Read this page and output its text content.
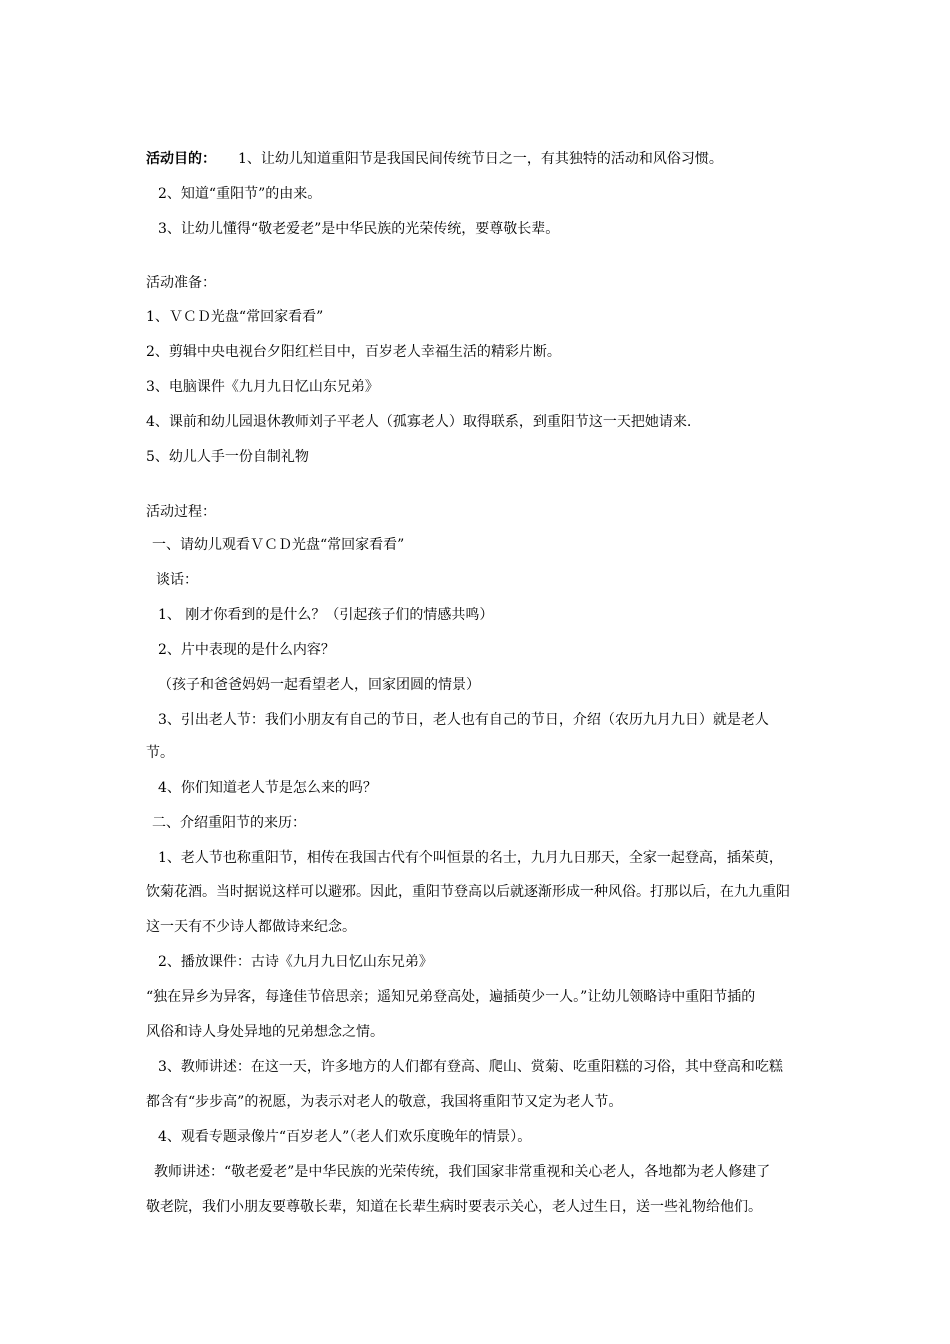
活动目的： 1、让幼儿知道重阳节是我国民间传统节日之一，有其独特的活动和风俗习惯。
2、知道“重阳节”的由来。
3、让幼儿懂得“敬老爱老”是中华民族的光荣传统，要尊敬长辈。
活动准备：
1、ＶＣＤ光盘“常回家看看”
2、剪辑中央电视台夕阳红栏目中，百岁老人幸福生活的精彩片断。
3、电脑课件《九月九日忆山东兄弟》
4、课前和幼儿园退休教师刘子平老人（孤寡老人）取得联系，到重阳节这一天把她请来.
5、幼儿人手一份自制礼物
活动过程：
一、请幼儿观看ＶＣＤ光盘“常回家看看”
谈话：
1、 刚才你看到的是什么？（引起孩子们的情感共鸣）
2、片中表现的是什么内容？
（孩子和爸爸妈妈一起看望老人，回家团圆的情景）
3、引出老人节：我们小朋友有自己的节日，老人也有自己的节日，介绍（农历九月九日）就是老人
节。
4、你们知道老人节是怎么来的吗？
二、介绍重阳节的来历：
1、老人节也称重阳节，相传在我国古代有个叫恒景的名士，九月九日那天，全家一起登高，插茱萸，
饮菊花酒。当时据说这样可以避邪。因此，重阳节登高以后就逐渐形成一种风俗。打那以后，在九九重阳
这一天有不少诗人都做诗来纪念。
2、播放课件：古诗《九月九日忆山东兄弟》
“独在异乡为异客，每逢佳节倍思亲；遥知兄弟登高处，遍插萸少一人。”让幼儿领略诗中重阳节插的
风俗和诗人身处异地的兄弟想念之情。
3、教师讲述：在这一天，许多地方的人们都有登高、爬山、赏菊、吃重阳糕的习俗，其中登高和吃糕
都含有“步步高”的祝愿，为表示对老人的敬意，我国将重阳节又定为老人节。
4、观看专题录像片“百岁老人”（老人们欢乐度晚年的情景）。
教师讲述：“敬老爱老”是中华民族的光荣传统，我们国家非常重视和关心老人，各地都为老人修建了
敬老院，我们小朋友要尊敬长辈，知道在长辈生病时要表示关心，老人过生日，送一些礼物给他们。
